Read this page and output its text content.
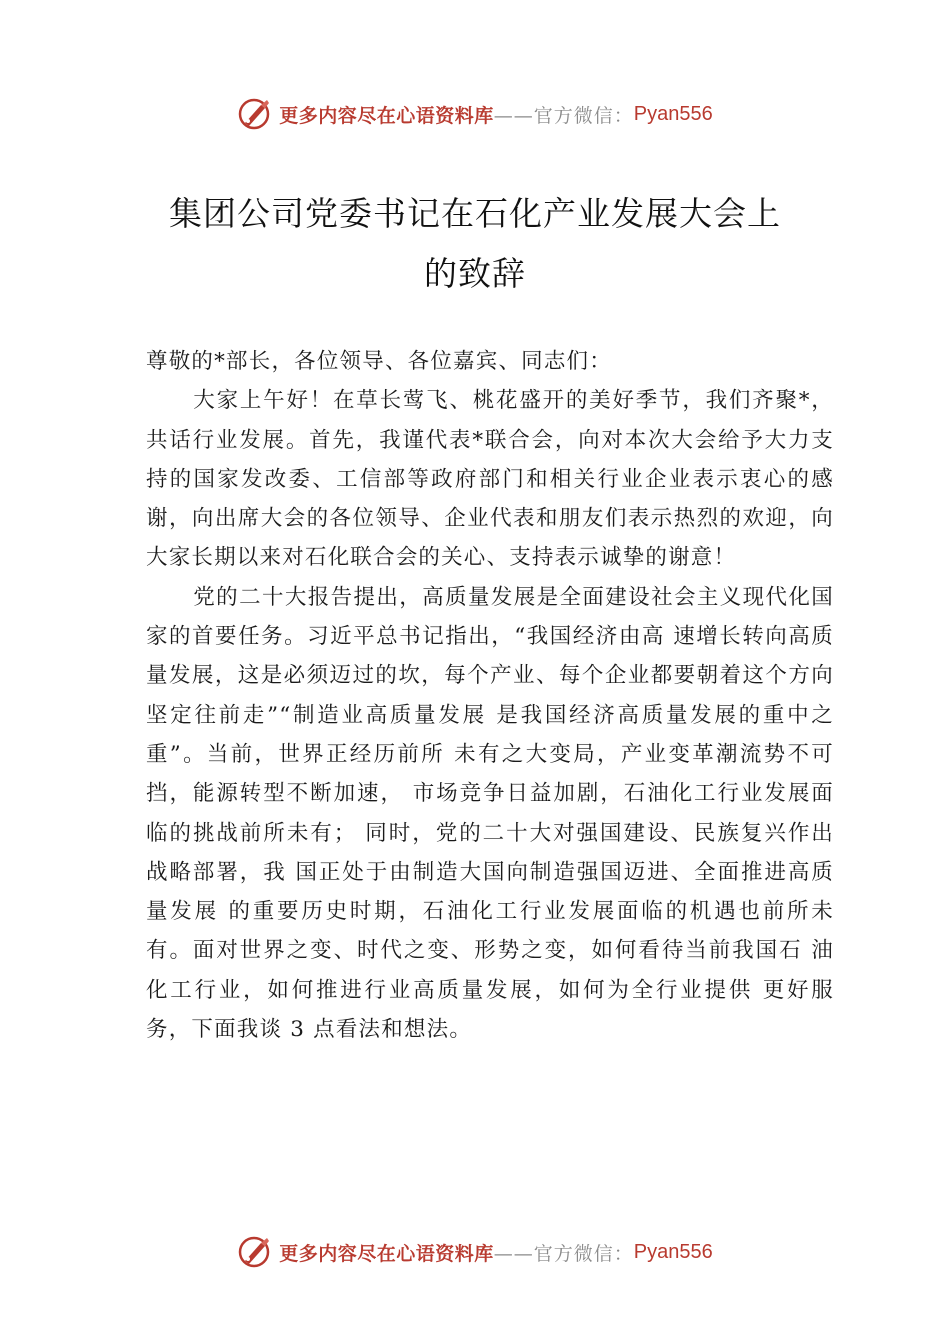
更多内容尽在心语资料库 ——官方微信： Pyan556
集团公司党委书记在石化产业发展大会上
的致辞

尊敬的*部长，各位领导、各位嘉宾、同志们：

大家上午好！在草长莺飞、桃花盛开的美好季节，我们齐聚*，共话行业发展。首先，我谨代表*联合会，向对本次大会给予大力支持的国家发改委、工信部等政府部门和相关行业企业表示衷心的感谢，向出席大会的各位领导、企业代表和朋友们表示热烈的欢迎，向大家长期以来对石化联合会的关心、支持表示诚挚的谢意！

党的二十大报告提出，高质量发展是全面建设社会主义现代化国家的首要任务。习近平总书记指出，“我国经济由高 速增长转向高质量发展，这是必须迈过的坎，每个产业、每个企业都要朝着这个方向坚定往前走”“制造业高质量发展 是我国经济高质量发展的重中之重”。当前，世界正经历前所 未有之大变局，产业变革潮流势不可挡，能源转型不断加速， 市场竞争日益加剧，石油化工行业发展面临的挑战前所未有； 同时，党的二十大对强国建设、民族复兴作出战略部署，我 国正处于由制造大国向制造强国迈进、全面推进高质量发展 的重要历史时期，石油化工行业发展面临的机遇也前所未有。面对世界之变、时代之变、形势之变，如何看待当前我国石 油化工行业，如何推进行业高质量发展，如何为全行业提供 更好服务，下面我谈 3 点看法和想法。

更多内容尽在心语资料库 ——官方微信： Pyan556
